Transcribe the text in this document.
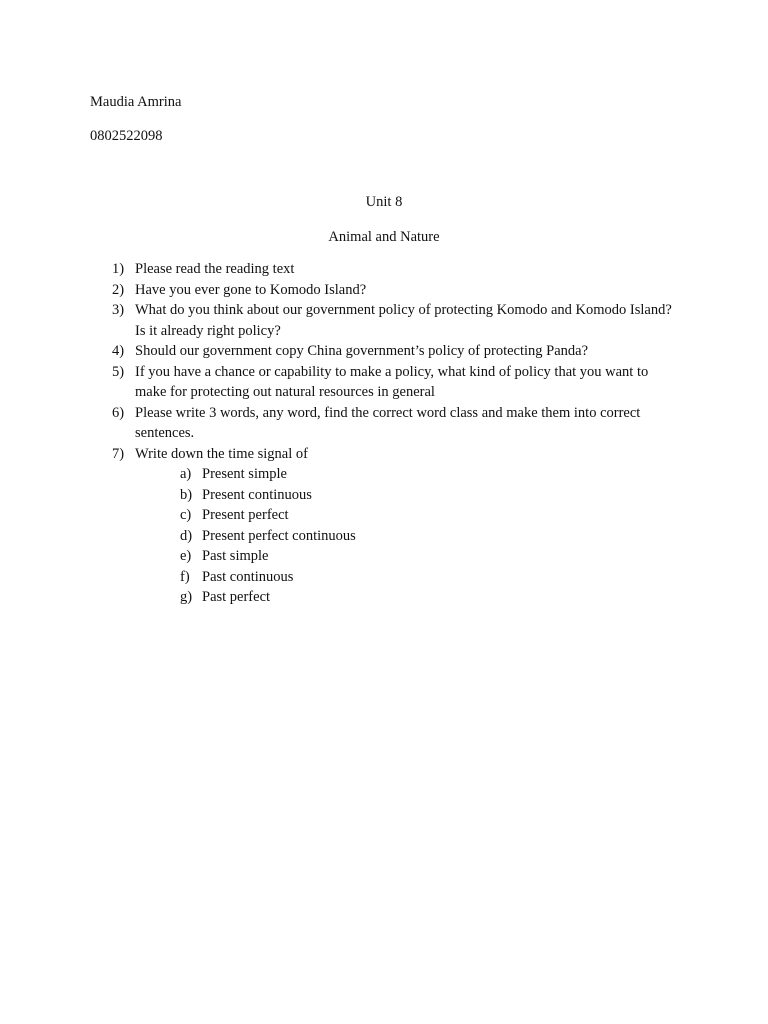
Maudia Amrina
0802522098
Unit 8
Animal and Nature
1) Please read the reading text
2) Have you ever gone to Komodo Island?
3) What do you think about our government policy of protecting Komodo and Komodo Island? Is it already right policy?
4) Should our government copy China government’s policy of protecting Panda?
5) If you have a chance or capability to make a policy, what kind of policy that you want to make for protecting out natural resources in general
6) Please write 3 words, any word, find the correct word class and make them into correct sentences.
7) Write down the time signal of
a) Present simple
b) Present continuous
c) Present perfect
d) Present perfect continuous
e) Past simple
f) Past continuous
g) Past perfect
